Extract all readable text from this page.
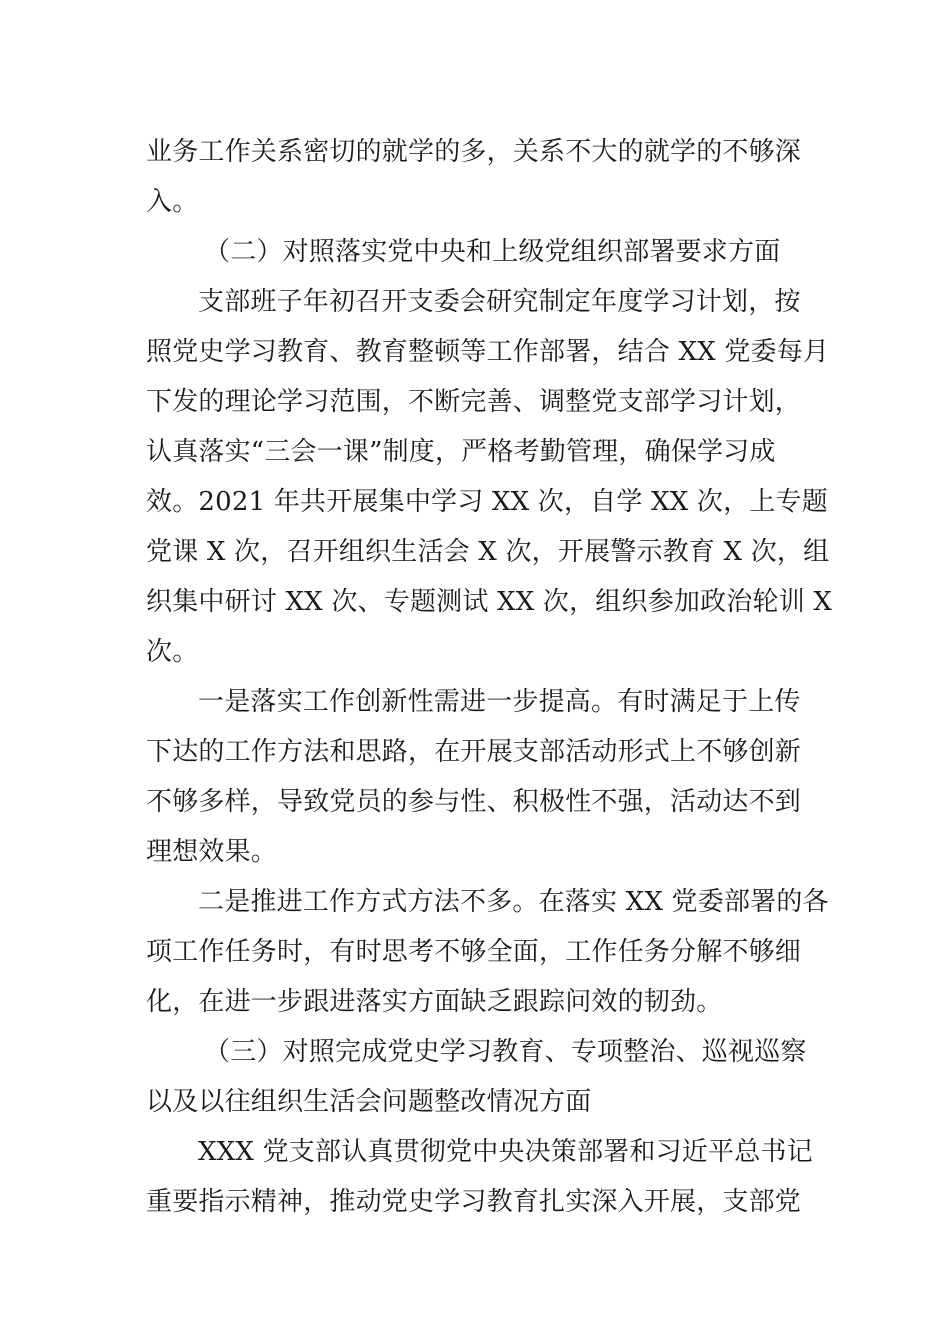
业务工作关系密切的就学的多，关系不大的就学的不够深
入。
（二）对照落实党中央和上级党组织部署要求方面
支部班子年初召开支委会研究制定年度学习计划，按
照党史学习教育、教育整顿等工作部署，结合 XX 党委每月
下发的理论学习范围，不断完善、调整党支部学习计划，
认真落实“三会一课”制度，严格考勤管理，确保学习成
效。2021 年共开展集中学习 XX 次，自学 XX 次，上专题
党课 X 次，召开组织生活会 X 次，开展警示教育 X 次，组
织集中研讨 XX 次、专题测试 XX 次，组织参加政治轮训 X
次。
一是落实工作创新性需进一步提高。有时满足于上传
下达的工作方法和思路，在开展支部活动形式上不够创新
不够多样，导致党员的参与性、积极性不强，活动达不到
理想效果。
二是推进工作方式方法不多。在落实 XX 党委部署的各
项工作任务时，有时思考不够全面，工作任务分解不够细
化，在进一步跟进落实方面缺乏跟踪问效的韧劲。
（三）对照完成党史学习教育、专项整治、巡视巡察
以及以往组织生活会问题整改情况方面
XXX 党支部认真贯彻党中央决策部署和习近平总书记
重要指示精神，推动党史学习教育扎实深入开展，支部党
